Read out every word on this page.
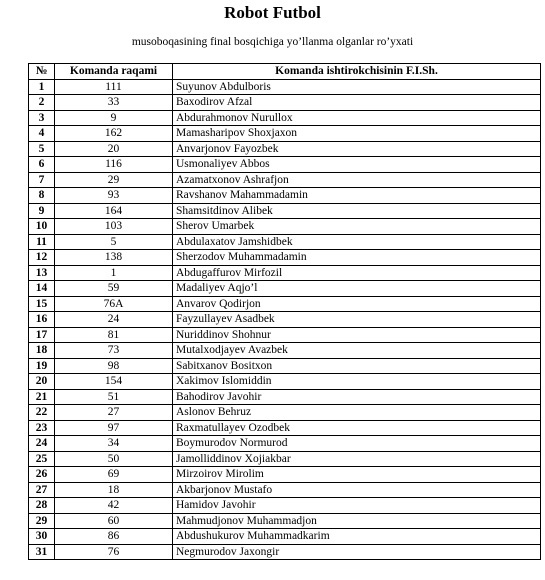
Robot Futbol
musoboqasining final bosqichiga yo’llanma olganlar ro’yxati
№	Komanda raqami	Komanda ishtirokchisinin F.I.Sh.
1	111	Suyunov Abdulboris
2	33	Baxodirov Afzal
3	9	Abdurahmonov Nurullox
4	162	Mamasharipov Shoxjaxon
5	20	Anvarjonov Fayozbek
6	116	Usmonaliyev Abbos
7	29	Azamatxonov Ashrafjon
8	93	Ravshanov Mahammadamin
9	164	Shamsitdinov Alibek
10	103	Sherov Umarbek
11	5	Abdulaxatov Jamshidbek
12	138	Sherzodov Muhammadamin
13	1	Abdugaffurov Mirfozil
14	59	Madaliyev Aqjo’l
15	76A	Anvarov Qodirjon
16	24	Fayzullayev Asadbek
17	81	Nuriddinov Shohnur
18	73	Mutalxodjayev Avazbek
19	98	Sabitxanov Bositxon
20	154	Xakimov Islomiddin
21	51	Bahodirov Javohir
22	27	Aslonov Behruz
23	97	Raxmatullayev Ozodbek
24	34	Boymurodov Normurod
25	50	Jamolliddinov Xojiakbar
26	69	Mirzoirov Mirolim
27	18	Akbarjonov Mustafo
28	42	Hamidov Javohir
29	60	Mahmudjonov Muhammadjon
30	86	Abdushukurov Muhammadkarim
31	76	Negmurodov Jaxongir
